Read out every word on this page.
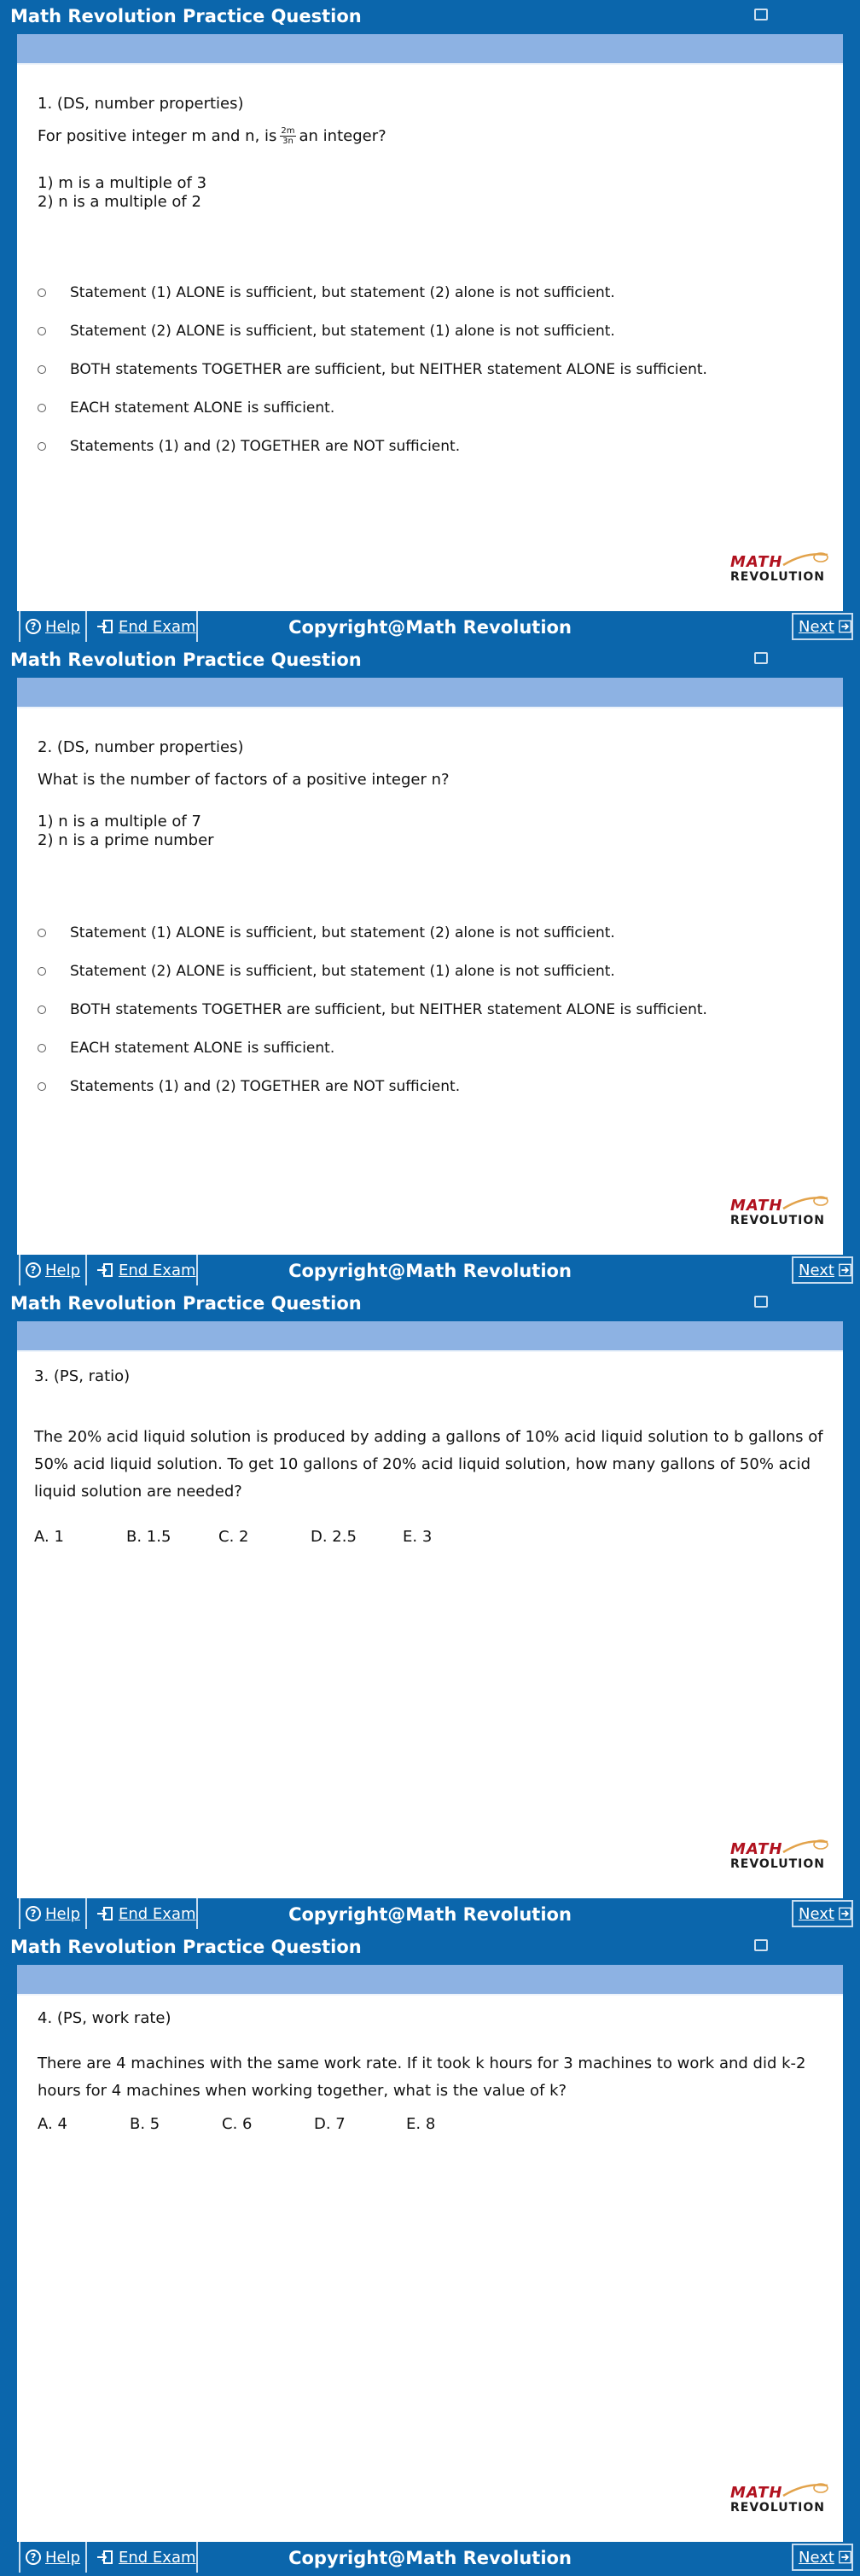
Math Revolution Practice Question
1. (DS, number properties)
For positive integer m and n, is $\frac{2m}{3n}$ an integer?
1) m is a multiple of 3
2) n is a multiple of 2
Statement (1) ALONE is sufficient, but statement (2) alone is not sufficient.
Statement (2) ALONE is sufficient, but statement (1) alone is not sufficient.
BOTH statements TOGETHER are sufficient, but NEITHER statement ALONE is sufficient.
EACH statement ALONE is sufficient.
Statements (1) and (2) TOGETHER are NOT sufficient.
MATH
REVOLUTION
? Help End Exam	Copyright@Math Revolution	Next
Math Revolution Practice Question
2. (DS, number properties)
What is the number of factors of a positive integer n?
1) n is a multiple of 7
2) n is a prime number
Statement (1) ALONE is sufficient, but statement (2) alone is not sufficient.
Statement (2) ALONE is sufficient, but statement (1) alone is not sufficient.
BOTH statements TOGETHER are sufficient, but NEITHER statement ALONE is sufficient.
EACH statement ALONE is sufficient.
Statements (1) and (2) TOGETHER are NOT sufficient.
MATH
REVOLUTION
? Help End Exam	Copyright@Math Revolution	Next
Math Revolution Practice Question
3. (PS, ratio)
The 20% acid liquid solution is produced by adding a gallons of 10% acid liquid solution to b gallons of 50% acid liquid solution. To get 10 gallons of 20% acid liquid solution, how many gallons of 50% acid liquid solution are needed?
A. 1	B. 1.5	C. 2	D. 2.5	E. 3
MATH
REVOLUTION
? Help End Exam	Copyright@Math Revolution	Next
Math Revolution Practice Question
4. (PS, work rate)
There are 4 machines with the same work rate. If it took k hours for 3 machines to work and did k-2 hours for 4 machines when working together, what is the value of k?
A. 4	B. 5	C. 6	D. 7	E. 8
MATH
REVOLUTION
? Help End Exam	Copyright@Math Revolution	Next
